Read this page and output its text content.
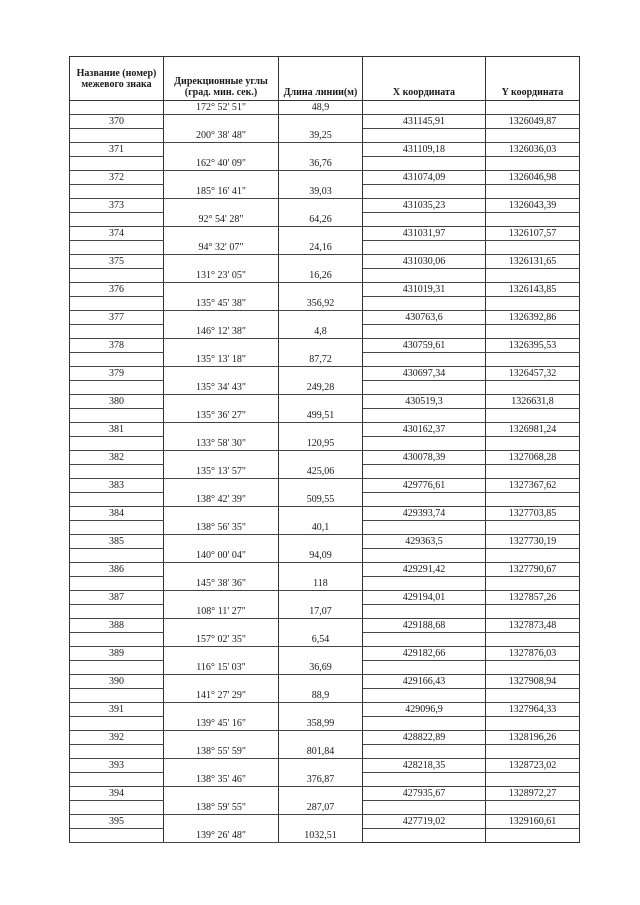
Название (номер) межевого знака	Дирекционные углы (град. мин. сек.)	Длина линии(м)	X координата	Y координата
	172° 52' 51"	48,9		
370			431145,91	1326049,87
	200° 38' 48"	39,25		
371			431109,18	1326036,03
	162° 40' 09"	36,76		
372			431074,09	1326046,98
	185° 16' 41"	39,03		
373			431035,23	1326043,39
	92° 54' 28"	64,26		
374			431031,97	1326107,57
	94° 32' 07"	24,16		
375			431030,06	1326131,65
	131° 23' 05"	16,26		
376			431019,31	1326143,85
	135° 45' 38"	356,92		
377			430763,6	1326392,86
	146° 12' 38"	4,8		
378			430759,61	1326395,53
	135° 13' 18"	87,72		
379			430697,34	1326457,32
	135° 34' 43"	249,28		
380			430519,3	1326631,8
	135° 36' 27"	499,51		
381			430162,37	1326981,24
	133° 58' 30"	120,95		
382			430078,39	1327068,28
	135° 13' 57"	425,06		
383			429776,61	1327367,62
	138° 42' 39"	509,55		
384			429393,74	1327703,85
	138° 56' 35"	40,1		
385			429363,5	1327730,19
	140° 00' 04"	94,09		
386			429291,42	1327790,67
	145° 38' 36"	118		
387			429194,01	1327857,26
	108° 11' 27"	17,07		
388			429188,68	1327873,48
	157° 02' 35"	6,54		
389			429182,66	1327876,03
	116° 15' 03"	36,69		
390			429166,43	1327908,94
	141° 27' 29"	88,9		
391			429096,9	1327964,33
	139° 45' 16"	358,99		
392			428822,89	1328196,26
	138° 55' 59"	801,84		
393			428218,35	1328723,02
	138° 35' 46"	376,87		
394			427935,67	1328972,27
	138° 59' 55"	287,07		
395			427719,02	1329160,61
	139° 26' 48"	1032,51		
